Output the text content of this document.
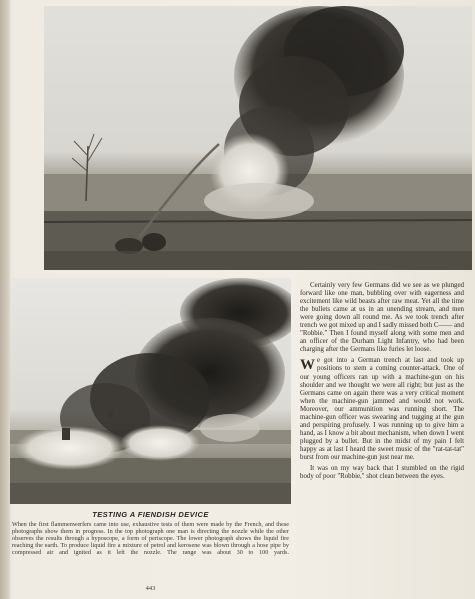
TESTING A FIENDISH DEVICE
When the first flammenwerfers came into use, exhaustive tests of them were made by the French, and these photographs show them in progress. In the top photograph one man is directing the nozzle while the other observes the results through a hyposcope, a form of periscope. The lower photograph shows the liquid fire reaching the earth. To produce liquid fire a mixture of petrol and kerosene was blown through a hose pipe by compressed air and ignited as it left the nozzle. The range was about 30 to 100 yards.
443

Certainly very few Germans did we see as we plunged forward like one man, bubbling over with eagerness and excitement like wild beasts after raw meat. Yet all the time the bullets came at us in an unending stream, and men were going down all round me. As we took trench after trench we got mixed up and I sadly missed both C—— and "Robbie." Then I found myself along with some men and an officer of the Durham Light Infantry, who had been charging after the Germans like furies let loose.

We got into a German trench at last and took up positions to stem a coming counter-attack. One of our young officers ran up with a machine-gun on his shoulder and we thought we were all right; but just as the Germans came on again there was a very critical moment when the machine-gun jammed and would not work. Moreover, our ammunition was running short. The machine-gun officer was swearing and tugging at the gun and perspiring profusely. I was running up to give him a hand, as I know a bit about mechanism, when down I went plugged by a bullet. But in the midst of my pain I felt happy as at last I heard the sweet music of the "rat-tat-tat" burst from our machine-gun just near me.

It was on my way back that I stumbled on the rigid body of poor "Robbie," shot clean between the eyes.
